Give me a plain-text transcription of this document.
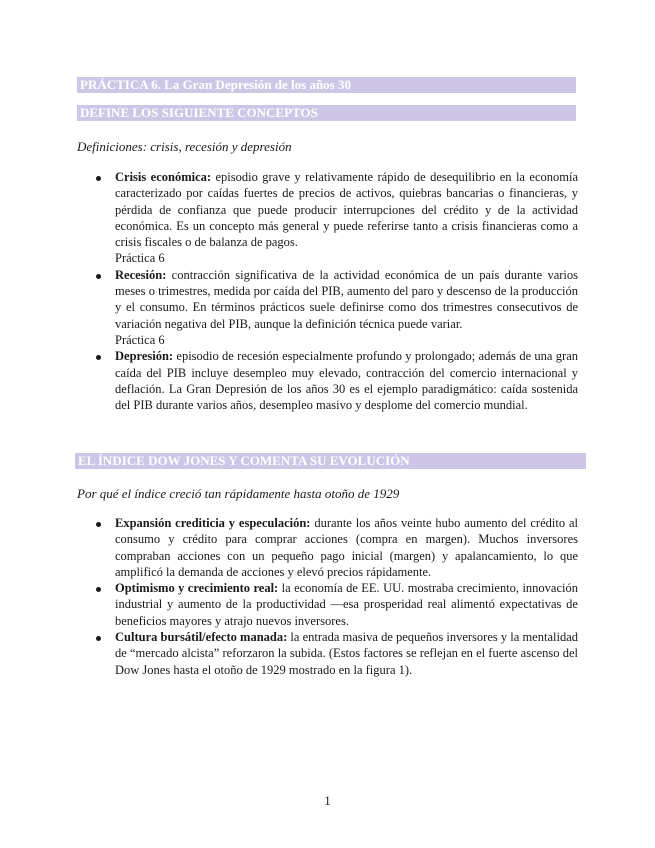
PRÁCTICA 6. La Gran Depresión de los años 30
DEFINE LOS SIGUIENTE CONCEPTOS
Definiciones: crisis, recesión y depresión
Crisis económica: episodio grave y relativamente rápido de desequilibrio en la economía caracterizado por caídas fuertes de precios de activos, quiebras bancarias o financieras, y pérdida de confianza que puede producir interrupciones del crédito y de la actividad económica. Es un concepto más general y puede referirse tanto a crisis financieras como a crisis fiscales o de balanza de pagos.
Práctica 6
Recesión: contracción significativa de la actividad económica de un país durante varios meses o trimestres, medida por caída del PIB, aumento del paro y descenso de la producción y el consumo. En términos prácticos suele definirse como dos trimestres consecutivos de variación negativa del PIB, aunque la definición técnica puede variar.
Práctica 6
Depresión: episodio de recesión especialmente profundo y prolongado; además de una gran caída del PIB incluye desempleo muy elevado, contracción del comercio internacional y deflación. La Gran Depresión de los años 30 es el ejemplo paradigmático: caída sostenida del PIB durante varios años, desempleo masivo y desplome del comercio mundial.
EL ÍNDICE DOW JONES Y COMENTA SU EVOLUCIÓN
Por qué el índice creció tan rápidamente hasta otoño de 1929
Expansión crediticia y especulación: durante los años veinte hubo aumento del crédito al consumo y crédito para comprar acciones (compra en margen). Muchos inversores compraban acciones con un pequeño pago inicial (margen) y apalancamiento, lo que amplificó la demanda de acciones y elevó precios rápidamente.
Optimismo y crecimiento real: la economía de EE. UU. mostraba crecimiento, innovación industrial y aumento de la productividad —esa prosperidad real alimentó expectativas de beneficios mayores y atrajo nuevos inversores.
Cultura bursátil/efecto manada: la entrada masiva de pequeños inversores y la mentalidad de “mercado alcista” reforzaron la subida. (Estos factores se reflejan en el fuerte ascenso del Dow Jones hasta el otoño de 1929 mostrado en la figura 1).
1
